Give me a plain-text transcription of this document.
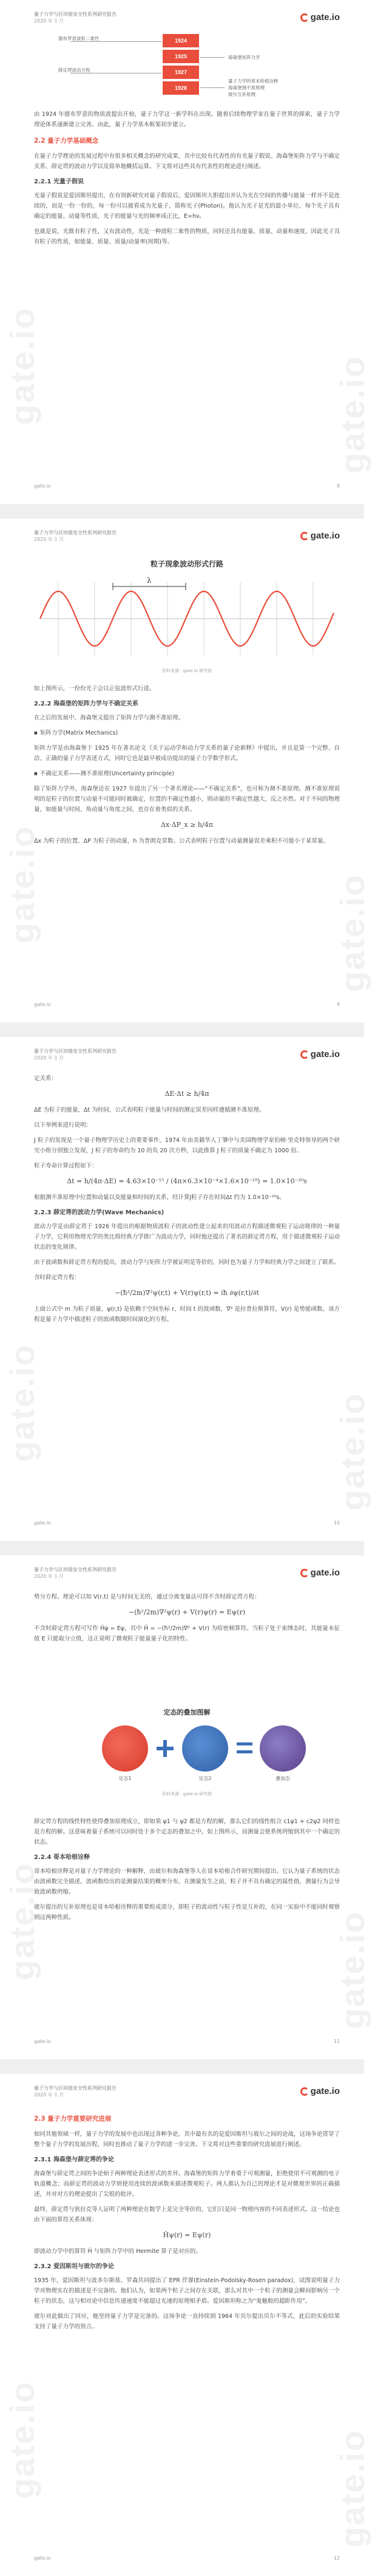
gate.io	gate.io
量子力学与区块链安全性系列研究报告
2020 年 1 月	gate.io
1924
1925
1927
1928
德布罗意波粒二象性
薛定谔波动方程
海森堡矩阵力学
量子力学的哥本哈根诠释
海森堡测不准原理
玻尔互补原理

由 1924 年德布罗意的物质波提出开始，量子力学这一新学科在出现。随着后续物理学家在量子世界的探索，量子力学理论体系逐渐建立完善。由此，量子力学基本框架初步建立。

2.2 量子力学基础概念

在量子力学理论的发展过程中有很多相关概念的研究成果，其中比较有代表性的有光量子假说、海森堡矩阵力学与不确定关系、薛定谔的波动力学以及简单地概括运算。下文将对这些具有代表性的理论进行阐述。

2.2.1 光量子假说

光量子假说是爱因斯坦提出，在有别新研究对量子假说后，爱因斯坦大胆提出并认为光在空间的传播与能量一样并不是连续的，而是一份一份的，每一份可以被看成为光量子，简称光子(Photon)。他认为光子是光的最小单位，每个光子具有确定的能量、动量等性质，光子的能量与光的频率成正比，E=hν。

也就是说，光既有粒子性，又有波动性，光是一种波粒二象性的物质，同时还具有能量、质量、动量和速度，因此光子具有粒子的性质，如能量、质量、质量/动量率(周期)等。

gate.io	8
gate.io	gate.io
量子力学与区块链安全性系列研究报告
2020 年 1 月	gate.io
粒子现象波动形式行路
λ
资料来源：gate.io 研究院

如上图所示，一份份光子会以正弦波形式行进。

2.2.2 海森堡的矩阵力学与不确定关系

在之后的发展中，海森堡又提出了矩阵力学与测不准原理。

■ 矩阵力学(Matrix Mechanics)

矩阵力学是由海森堡于 1925 年在著名论文《关于运动学和动力学关系的量子论新释》中提出，并且是第一个完整、自洽、正确的量子力学表述方式，同时它也是最早被成功提出的量子力学数学形式。

■ 不确定关系——测不准原理(Uncertainty principle)

除了矩阵力学外，海森堡还在 1927 年提出了另一个著名理论——“不确定关系”，也可称为测不准原理。测不准原理说明的是粒子的位置与动量不可能同时被确定，位置的不确定性越小，则动量的不确定性越大，反之亦然。对于不同的物理量，如能量与时间、角动量与角度之间，也存在着类似的关系。

Δx·ΔP_x ≥ h/4π

Δx 为粒子的位置，ΔP 为粒子的动量，h 为普朗克常数。公式表明粒子位置与动量测量误差乘积不可能小于某常量。

gate.io	9
gate.io	gate.io
量子力学与区块链安全性系列研究报告
2020 年 1 月	gate.io

定关系：

ΔE·Δt ≥ h/4π

ΔE 为粒子的能量，Δt 为时间，公式表明粒子能量与时间的测定误差同样遵循测不准原理。

以下举例来进行说明：

J 粒子的发现是一个量子物理学历史上的重要事件，1974 年由美籍华人丁肇中与美国物理学家伯顿·里克特领导的两个研究小组分别独立发现，J 粒子的寿命约为 10 的负 20 次方秒，以此推算 J 粒子的质量不确定为 1000 倍。

粒子寿命计算过程如下：

Δt = h/(4π·ΔE) = 4.63×10⁻¹⁵ / (4π×6.3×10⁻⁴×1.6×10⁻¹⁹) = 1.0×10⁻²⁰s

根据测不准原理中位置和动量以及能量和时间的关系，经计算J粒子存在时间Δt 约为 1.0×10⁻²⁰s。

2.2.3 薛定谔的波动力学(Wave Mechanics)

波动力学是由薛定谔于 1926 年提出的根据物质波粒子的波动性建立起来的用波动方程描述微观粒子运动规律的一种量子力学，它利用物理光学的类比将经典力学推广为波动力学，同时他还提出了著名的薛定谔方程，用于描述微观粒子运动状态的变化规律。

由于波函数和薛定谔方程的提出，波动力学与矩阵力学被证明是等价的，同时也为量子力学和经典力学之间建立了联系。

含时薛定谔方程：

−(ħ²/2m)∇²ψ(r,t) + V(r)ψ(r,t) = iħ ∂ψ(r,t)/∂t

上面公式中 m 为粒子质量，ψ(r,t) 是依赖于空间坐标 r、时间 t 的波函数，∇² 是拉普拉斯算符，V(r) 是势能函数。该方程是量子力学中描述粒子的波函数随时间演化的方程。

gate.io	10
gate.io	gate.io
量子力学与区块链安全性系列研究报告
2020 年 1 月	gate.io

势分方程。理论可以知 V(r,t) 是与时间无关的，通过分离变量法可得不含时薛定谔方程：

−(ħ²/2m)∇²ψ(r) + V(r)ψ(r) = Eψ(r)

不含时薛定谔方程可写作 Ĥψ = Eψ，其中 Ĥ = −(ħ²/2m)∇² + V(r) 为哈密顿算符。当粒子处于束缚态时，其能量本征值 E 只能取分立值，这正说明了微观粒子能量量子化的特性。

定态的叠加图解
定态1	定态2	叠加态
资料来源：gate.io 研究院

薛定谔方程的线性特性使得叠加原理成立，即如果 ψ1 与 ψ2 都是方程的解，那么它们的线性组合 c1ψ1 + c2ψ2 同样也是方程的解。这意味着量子系统可以同时处于多个定态的叠加之中，如上图所示，而测量会使系统坍缩到其中一个确定的状态。

2.2.4 哥本哈根诠释

哥本哈根诠释是对量子力学理论的一种解释，由玻尔和海森堡等人在哥本哈根合作研究期间提出。它认为量子系统的状态由波函数完全描述，波函数给出的是测量结果的概率分布，在测量发生之前，粒子并不具有确定的属性值，测量行为会导致波函数坍缩。

玻尔提出的互补原理也是哥本哈根诠释的重要组成部分，即粒子的波动性与粒子性是互补的，在同一实验中不能同时观察到这两种性质。

gate.io	11
gate.io	gate.io
量子力学与区块链安全性系列研究报告
2020 年 1 月	gate.io
2.3 量子力学重要研究进展

如同其他领域一样，量子力学的发展中也出现过各种争论，其中最有名的是爱因斯坦与玻尔之间的论战，这场争论贯穿了整个量子力学的发展历程，同时也推动了量子力学的进一步完善。下文将对这些重要的研究进展进行阐述。

2.3.1 海森堡与薛定谔的争论

海森堡与薛定谔之间的争论始于两种理论表述形式的差异。海森堡的矩阵力学着重于可观测量，拒绝使用不可观测的电子轨道概念；而薛定谔的波动力学则使用连续的波函数来描述微观粒子。两人都认为自己的理论才是对微观世界的正确描述，并对对方的理论提出了尖锐的批评。

最终，薛定谔与狄拉克等人证明了两种理论在数学上是完全等价的，它们只是同一物理内容的不同表述形式。这一结论也由下面的算符关系体现：

Ĥψ(r) = Eψ(r)

即波动力学中的算符 Ĥ 与矩阵力学中的 Hermite 算子是对应的。

2.3.2 爱因斯坦与玻尔的争论

1935 年，爱因斯坦与波多尔斯基、罗森共同提出了 EPR 佯谬(Einstein-Podolsky-Rosen paradox)，试图说明量子力学对物理实在的描述是不完备的。他们认为，如果两个粒子之间存在关联，那么对其中一个粒子的测量会瞬间影响另一个粒子的状态，这与相对论中信息传递速度不能超过光速的原理相矛盾。爱因斯坦称之为“鬼魅般的超距作用”。

玻尔对此做出了回应，他坚持量子力学是完备的。这场争论一直持续到 1964 年贝尔提出贝尔不等式，此后的实验结果支持了量子力学的预言。

gate.io	12
